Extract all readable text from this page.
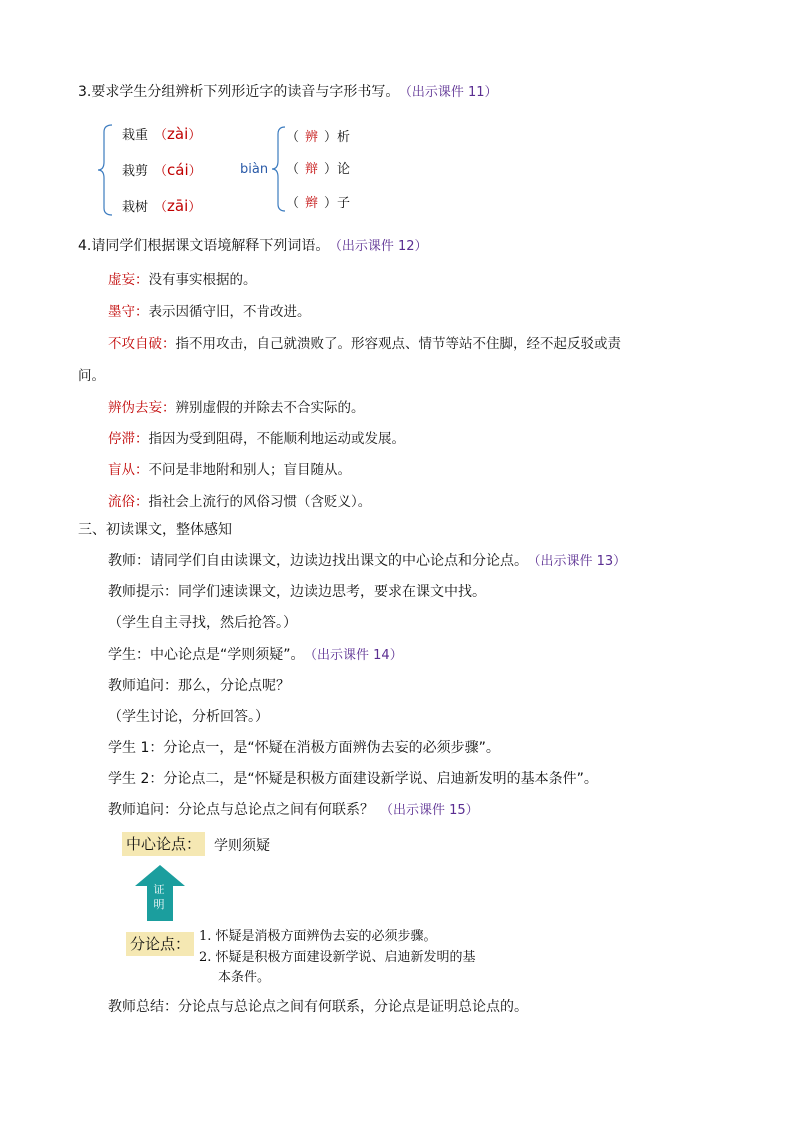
3.要求学生分组辨析下列形近字的读音与字形书写。 （出示课件 11）
栽重 （zài）
栽剪 （cái）
栽树 （zāi）
biàn
（ 辨 ）析
（ 辩 ）论
（ 辫 ）子
4.请同学们根据课文语境解释下列词语。 （出示课件 12）
虚妄：没有事实根据的。
墨守：表示因循守旧，不肯改进。
不攻自破：指不用攻击，自己就溃败了。形容观点、情节等站不住脚，经不起反驳或责
问。
辨伪去妄：辨别虚假的并除去不合实际的。
停滞：指因为受到阻碍，不能顺利地运动或发展。
盲从：不问是非地附和别人；盲目随从。
流俗：指社会上流行的风俗习惯（含贬义）。
三、初读课文，整体感知
教师：请同学们自由读课文，边读边找出课文的中心论点和分论点。 （出示课件 13）
教师提示：同学们速读课文，边读边思考，要求在课文中找。
（学生自主寻找，然后抢答。）
学生：中心论点是“学则须疑”。 （出示课件 14）
教师追问：那么，分论点呢？
（学生讨论，分析回答。）
学生 1：分论点一，是“怀疑在消极方面辨伪去妄的必须步骤”。
学生 2：分论点二，是“怀疑是积极方面建设新学说、启迪新发明的基本条件”。
教师追问：分论点与总论点之间有何联系？ （出示课件 15）
中心论点： 学则须疑
证
明
分论点： 1. 怀疑是消极方面辨伪去妄的必须步骤。
2. 怀疑是积极方面建设新学说、启迪新发明的基
本条件。
教师总结：分论点与总论点之间有何联系，分论点是证明总论点的。
